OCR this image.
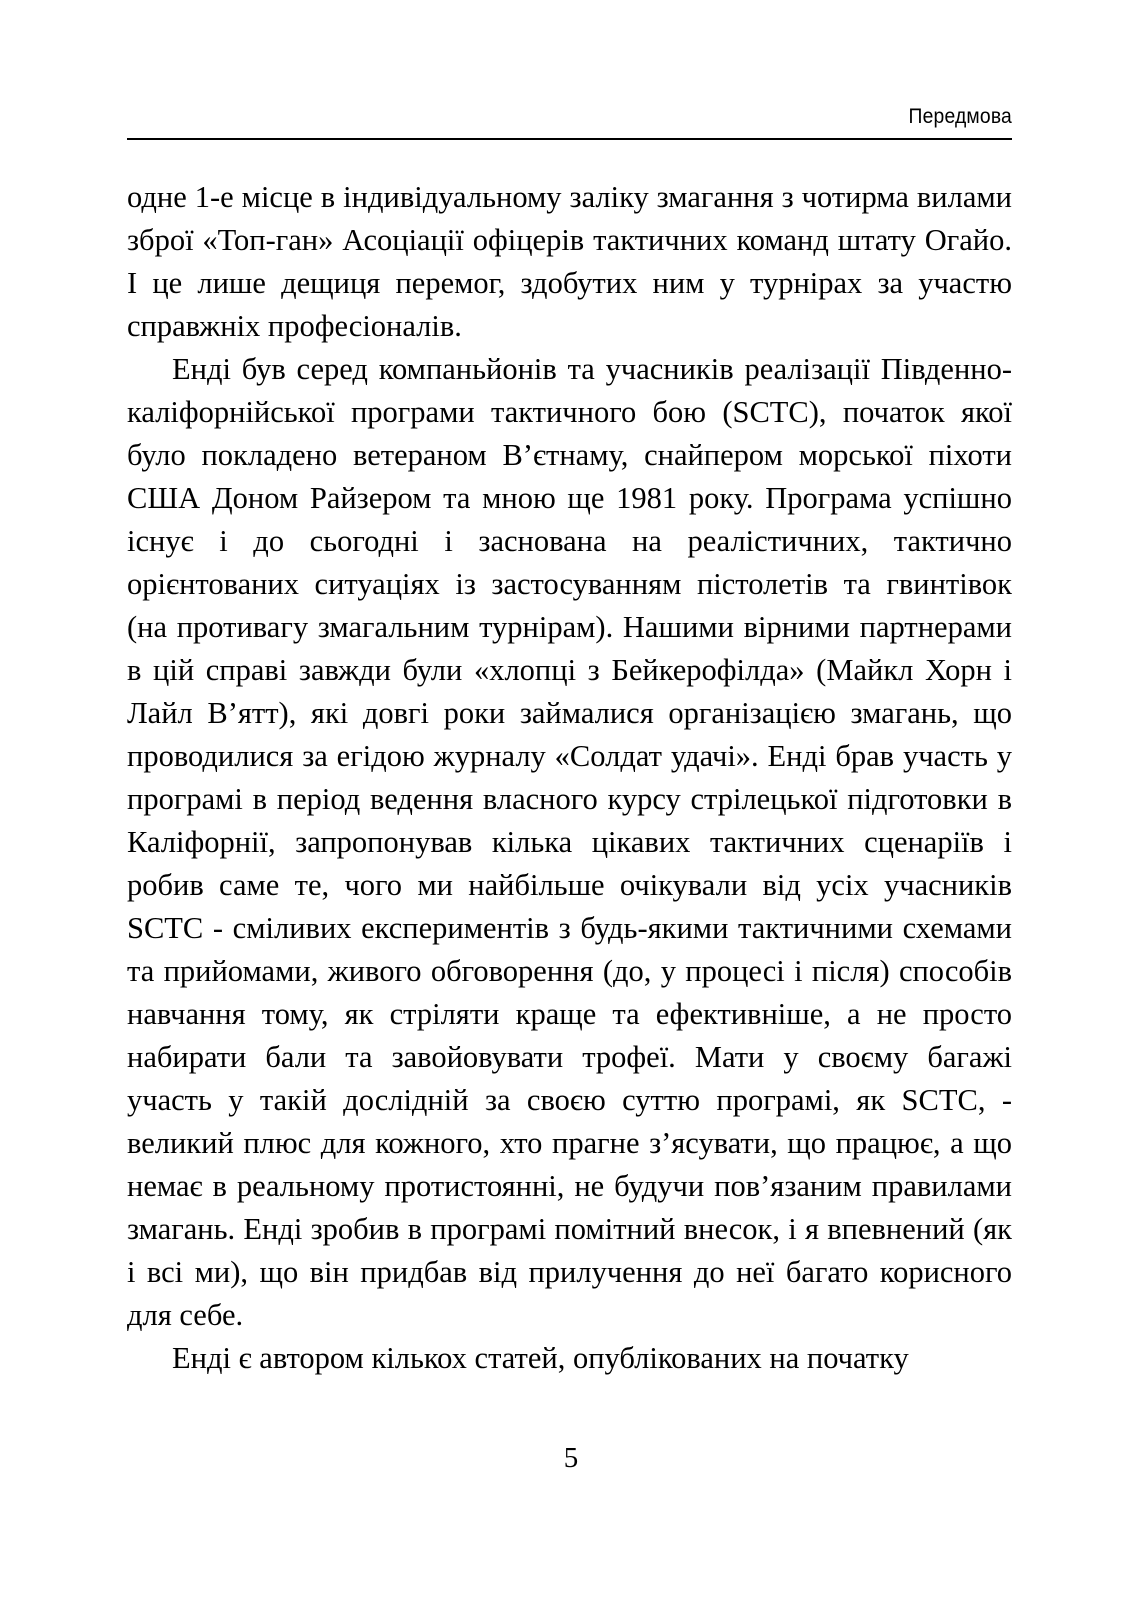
Передмова

одне 1-е місце в індивідуальному заліку змагання з чотирма вилами зброї «Топ-ган» Асоціації офіцерів тактичних команд штату Огайо. І це лише дещиця перемог, здобутих ним у турнірах за участю справжніх професіоналів.

Енді був серед компаньйонів та учасників реалізації Південно-каліфорнійської програми тактичного бою (SCTC), початок якої було покладено ветераном В’єтнаму, снайпером морської піхоти США Доном Райзером та мною ще 1981 року. Програма успішно існує і до сьогодні і заснована на реалістичних, тактично орієнтованих ситуаціях із застосуванням пістолетів та гвинтівок (на противагу змагальним турнірам). Нашими вірними партнерами в цій справі завжди були «хлопці з Бейкерофілда» (Майкл Хорн і Лайл В’ятт), які довгі роки займалися організацією змагань, що проводилися за егідою журналу «Солдат удачі». Енді брав участь у програмі в період ведення власного курсу стрілецької підготовки в Каліфорнії, запропонував кілька цікавих тактичних сценаріїв і робив саме те, чого ми найбільше очікували від усіх учасників SCTC - сміливих експериментів з будь-якими тактичними схемами та прийомами, живого обговорення (до, у процесі і після) способів навчання тому, як стріляти краще та ефективніше, а не просто набирати бали та завойовувати трофеї. Мати у своєму багажі участь у такій дослідній за своєю суттю програмі, як SCTC, - великий плюс для кожного, хто прагне з’ясувати, що працює, а що немає в реальному протистоянні, не будучи пов’язаним правилами змагань. Енді зробив в програмі помітний внесок, і я впевнений (як і всі ми), що він придбав від прилучення до неї багато корисного для себе.

Енді є автором кількох статей, опублікованих на початку

5
